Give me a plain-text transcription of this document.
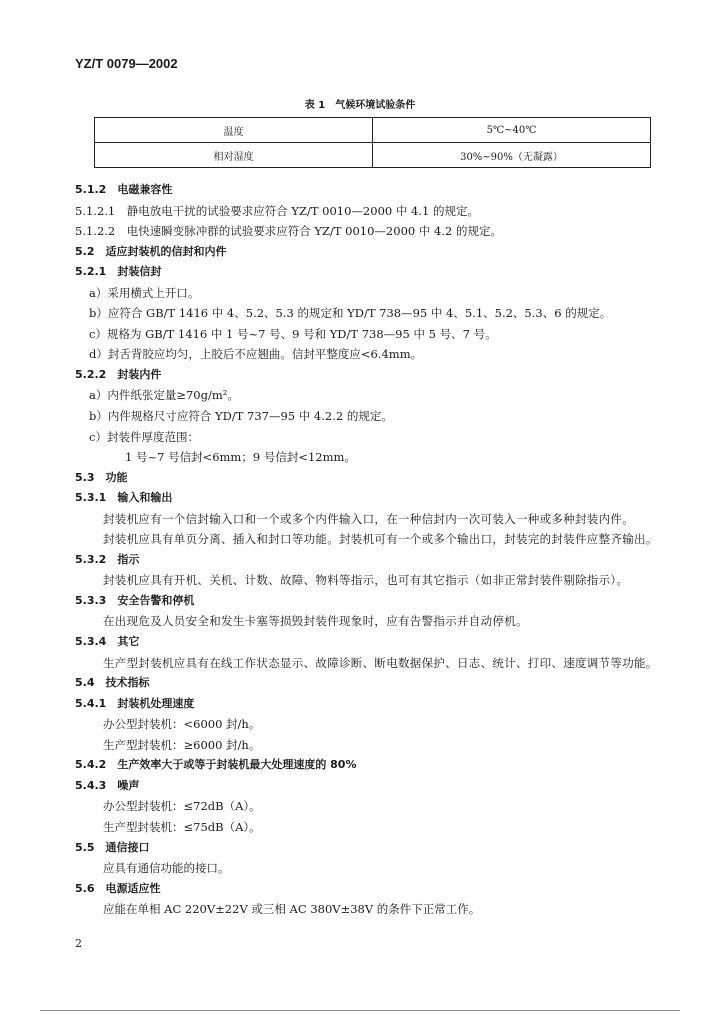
YZ/T 0079—2002
表 1　气候环境试验条件
温度	5℃~40℃
相对湿度	30%~90%（无凝露）
5.1.2　电磁兼容性
5.1.2.1　静电放电干扰的试验要求应符合 YZ/T 0010—2000 中 4.1 的规定。
5.1.2.2　电快速瞬变脉冲群的试验要求应符合 YZ/T 0010—2000 中 4.2 的规定。
5.2　适应封装机的信封和内件
5.2.1　封装信封
a）采用横式上开口。
b）应符合 GB/T 1416 中 4、5.2、5.3 的规定和 YD/T 738—95 中 4、5.1、5.2、5.3、6 的规定。
c）规格为 GB/T 1416 中 1 号~7 号、9 号和 YD/T 738—95 中 5 号、7 号。
d）封舌背胶应均匀，上胶后不应翘曲。信封平整度应<6.4mm。
5.2.2　封装内件
a）内件纸张定量≥70g/m²。
b）内件规格尺寸应符合 YD/T 737—95 中 4.2.2 的规定。
c）封装件厚度范围：
1 号~7 号信封<6mm；9 号信封<12mm。
5.3　功能
5.3.1　输入和输出
封装机应有一个信封输入口和一个或多个内件输入口，在一种信封内一次可装入一种或多种封装内件。
封装机应具有单页分离、插入和封口等功能。封装机可有一个或多个输出口，封装完的封装件应整齐输出。
5.3.2　指示
封装机应具有开机、关机、计数、故障、物料等指示，也可有其它指示（如非正常封装件剔除指示）。
5.3.3　安全告警和停机
在出现危及人员安全和发生卡塞等损毁封装件现象时，应有告警指示并自动停机。
5.3.4　其它
生产型封装机应具有在线工作状态显示、故障诊断、断电数据保护、日志、统计、打印、速度调节等功能。
5.4　技术指标
5.4.1　封装机处理速度
办公型封装机：<6000 封/h。
生产型封装机：≥6000 封/h。
5.4.2　生产效率大于或等于封装机最大处理速度的 80%
5.4.3　噪声
办公型封装机：≤72dB（A）。
生产型封装机：≤75dB（A）。
5.5　通信接口
应具有通信功能的接口。
5.6　电源适应性
应能在单相 AC 220V±22V 或三相 AC 380V±38V 的条件下正常工作。
2
